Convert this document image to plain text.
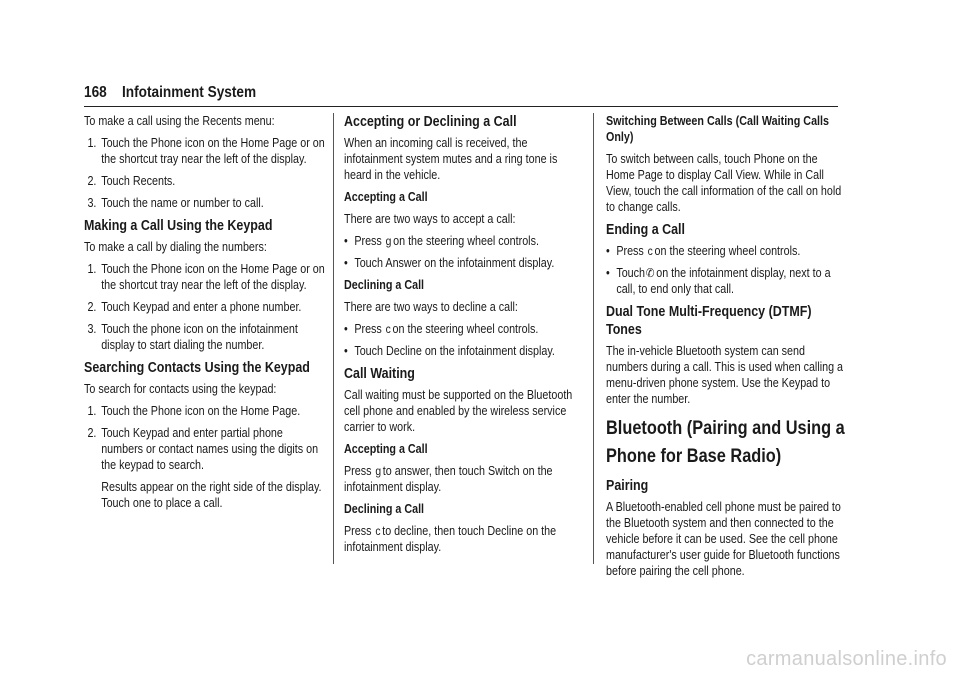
168 Infotainment System

To make a call using the Recents menu:

1. Touch the Phone icon on the Home Page or on the shortcut tray near the left of the display.
2. Touch Recents.
3. Touch the name or number to call.
Making a Call Using the Keypad

To make a call by dialing the numbers:

1. Touch the Phone icon on the Home Page or on the shortcut tray near the left of the display.
2. Touch Keypad and enter a phone number.
3. Touch the phone icon on the infotainment display to start dialing the number.
Searching Contacts Using the Keypad

To search for contacts using the keypad:

1. Touch the Phone icon on the Home Page.
2. Touch Keypad and enter partial phone numbers or contact names using the digits on the keypad to search.

Results appear on the right side of the display. Touch one to place a call.

Accepting or Declining a Call

When an incoming call is received, the infotainment system mutes and a ring tone is heard in the vehicle.

Accepting a Call

There are two ways to accept a call:

• Press g on the steering wheel controls.
• Touch Answer on the infotainment display.

Declining a Call

There are two ways to decline a call:

• Press c on the steering wheel controls.
• Touch Decline on the infotainment display.
Call Waiting

Call waiting must be supported on the Bluetooth cell phone and enabled by the wireless service carrier to work.

Accepting a Call

Press g to answer, then touch Switch on the infotainment display.

Declining a Call

Press c to decline, then touch Decline on the infotainment display.

Switching Between Calls (Call Waiting Calls Only)

To switch between calls, touch Phone on the Home Page to display Call View. While in Call View, touch the call information of the call on hold to change calls.

Ending a Call
• Press c on the steering wheel controls.
• Touch✆ on the infotainment display, next to a call, to end only that call.
Dual Tone Multi-Frequency (DTMF) Tones

The in-vehicle Bluetooth system can send numbers during a call. This is used when calling a menu-driven phone system. Use the Keypad to enter the number.

Bluetooth (Pairing and Using a Phone for Base Radio)
Pairing

A Bluetooth-enabled cell phone must be paired to the Bluetooth system and then connected to the vehicle before it can be used. See the cell phone manufacturer's user guide for Bluetooth functions before pairing the cell phone.

carmanualsonline.info
